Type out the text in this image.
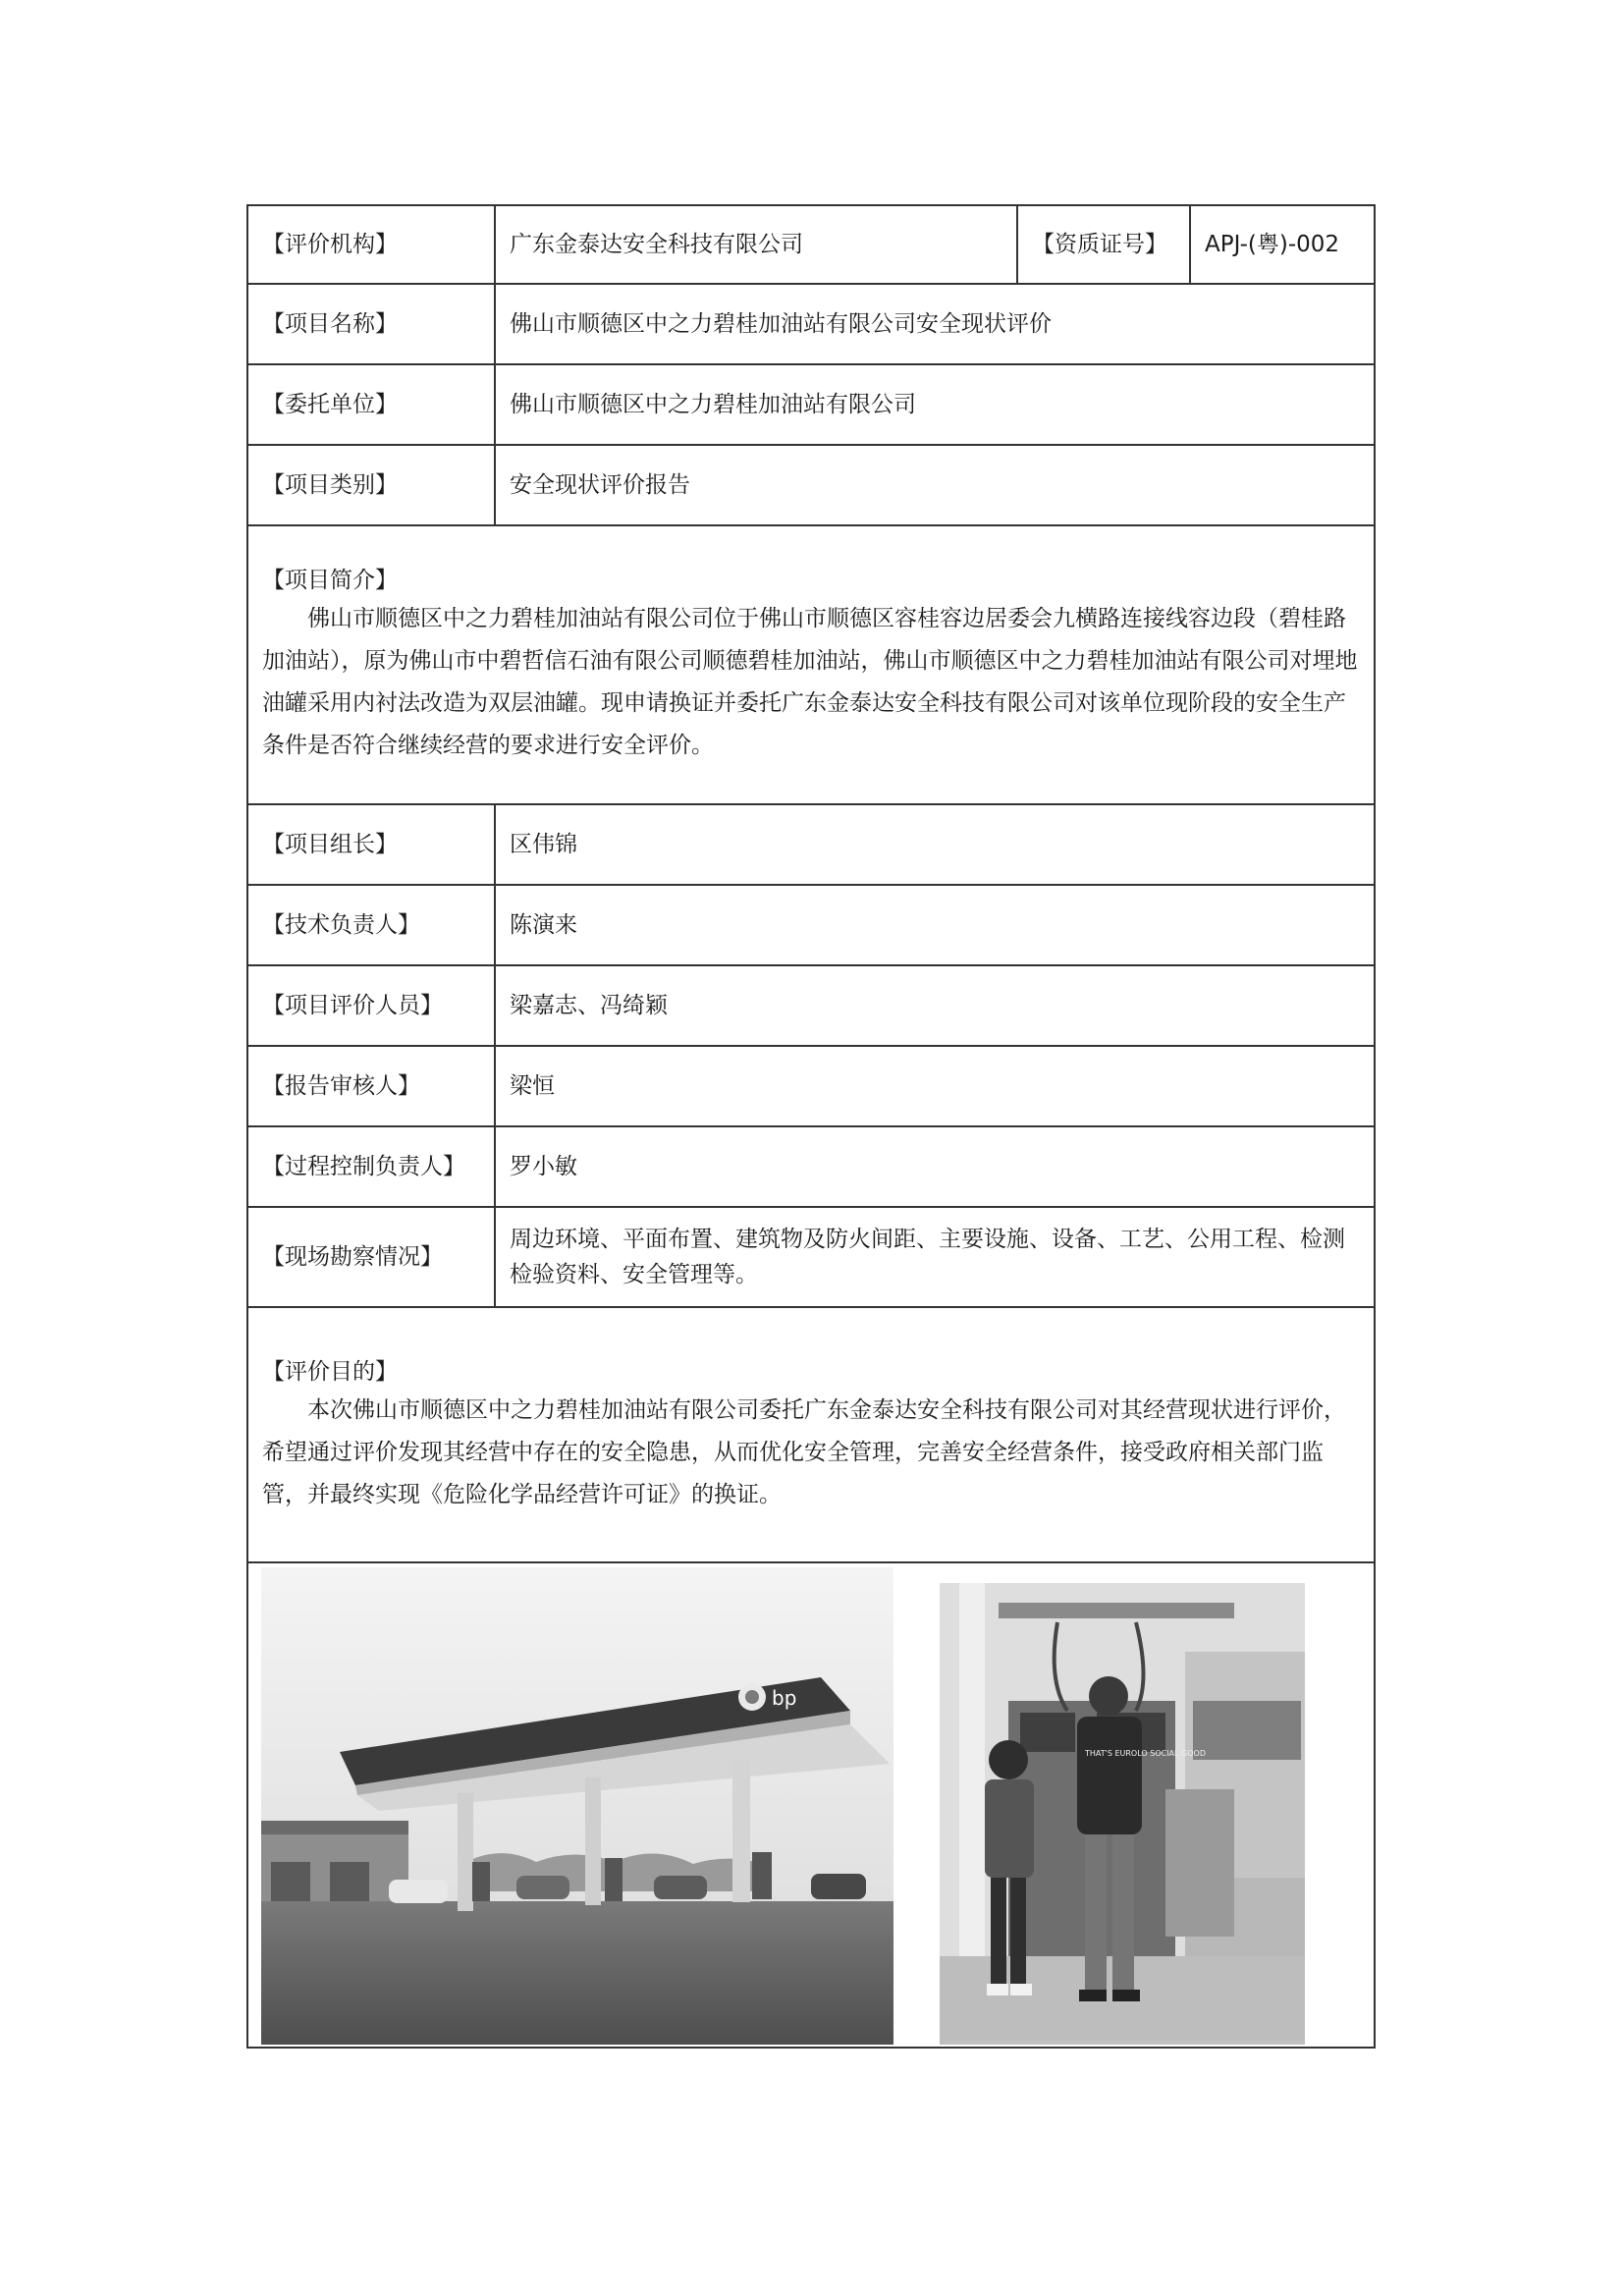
【评价机构】	广东金泰达安全科技有限公司	【资质证号】	APJ-(粤)-002
【项目名称】	佛山市顺德区中之力碧桂加油站有限公司安全现状评价		
【委托单位】	佛山市顺德区中之力碧桂加油站有限公司		
【项目类别】	安全现状评价报告		

【项目简介】
佛山市顺德区中之力碧桂加油站有限公司位于佛山市顺德区容桂容边居委会九横路连接线容边段（碧桂路加油站），原为佛山市中碧哲信石油有限公司顺德碧桂加油站，佛山市顺德区中之力碧桂加油站有限公司对埋地油罐采用内衬法改造为双层油罐。现申请换证并委托广东金泰达安全科技有限公司对该单位现阶段的安全生产条件是否符合继续经营的要求进行安全评价。			

【项目组长】	区伟锦		
【技术负责人】	陈演来		
【项目评价人员】	梁嘉志、冯绮颖		
【报告审核人】	梁恒		
【过程控制负责人】	罗小敏		
【现场勘察情况】	周边环境、平面布置、建筑物及防火间距、主要设施、设备、工艺、公用工程、检测检验资料、安全管理等。		

【评价目的】
本次佛山市顺德区中之力碧桂加油站有限公司委托广东金泰达安全科技有限公司对其经营现状进行评价，希望通过评价发现其经营中存在的安全隐患，从而优化安全管理，完善安全经营条件，接受政府相关部门监管，并最终实现《危险化学品经营许可证》的换证。			

bp
THAT'S EUROLO SOCIAL GOOD			
